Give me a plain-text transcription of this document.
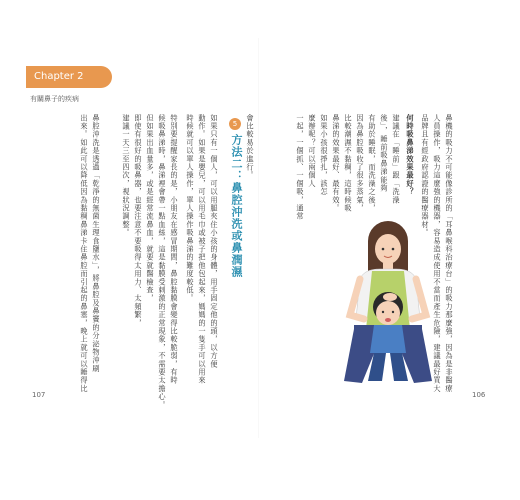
Chapter 2
有關鼻子的疾病
鼻機的吸力不可能像診所的「耳鼻喉科治療台」的吸力那麼強，因為是非醫療
人員操作，吸力這麼強的機器，容易造成使用不當而產生危險，建議最好買大
品牌且有經政府認證的醫療器材。
何時吸鼻涕效果最好？
建議在「睡前」跟「洗澡
後」，睡前吸鼻涕能夠
有助於睡眠，而洗澡之後，
因為鼻腔吸收了很多蒸氣，
比較潮濕不黏稠，這時候吸
鼻涕的效果最好、最有效。
如果小孩很掙扎，該怎
麼辦呢？可以兩個人
一起，一個抓、一個吸，通常
5
方法二：鼻腔沖洗或鼻潤濕 會比較易於進行。
如果只有一個人，可以用腿夾住小孩的身體，用手固定他的頭，以方便
動作。如果是嬰兒，可以用毛巾或被子把他包起來，媽媽的一隻手可以用來
時候就可以單人操作，單人操作吸鼻涕的難度較低。
特別要提醒家長的是，小朋友在感冒期間，鼻腔黏膜會變得比較脆弱，有時
候吸鼻涕時，鼻涕裡會帶一點血絲，這是黏膜受刺激的正常現象，不需要太擔心。
但如果出血量多，或是經常流鼻血，就要就醫檢查，
即使有很好的吸鼻器，也要注意不要吸得太用力、太頻繁，
建議一天三至四次，視狀況調整。
鼻腔沖洗是透過「乾淨的無菌生理食鹽水」，將鼻腔及鼻竇的分泌物沖刷
出來。如此可以降低因為黏稠鼻涕卡住鼻腔而引起的鼻塞，晚上就可以睡得比
107	106
